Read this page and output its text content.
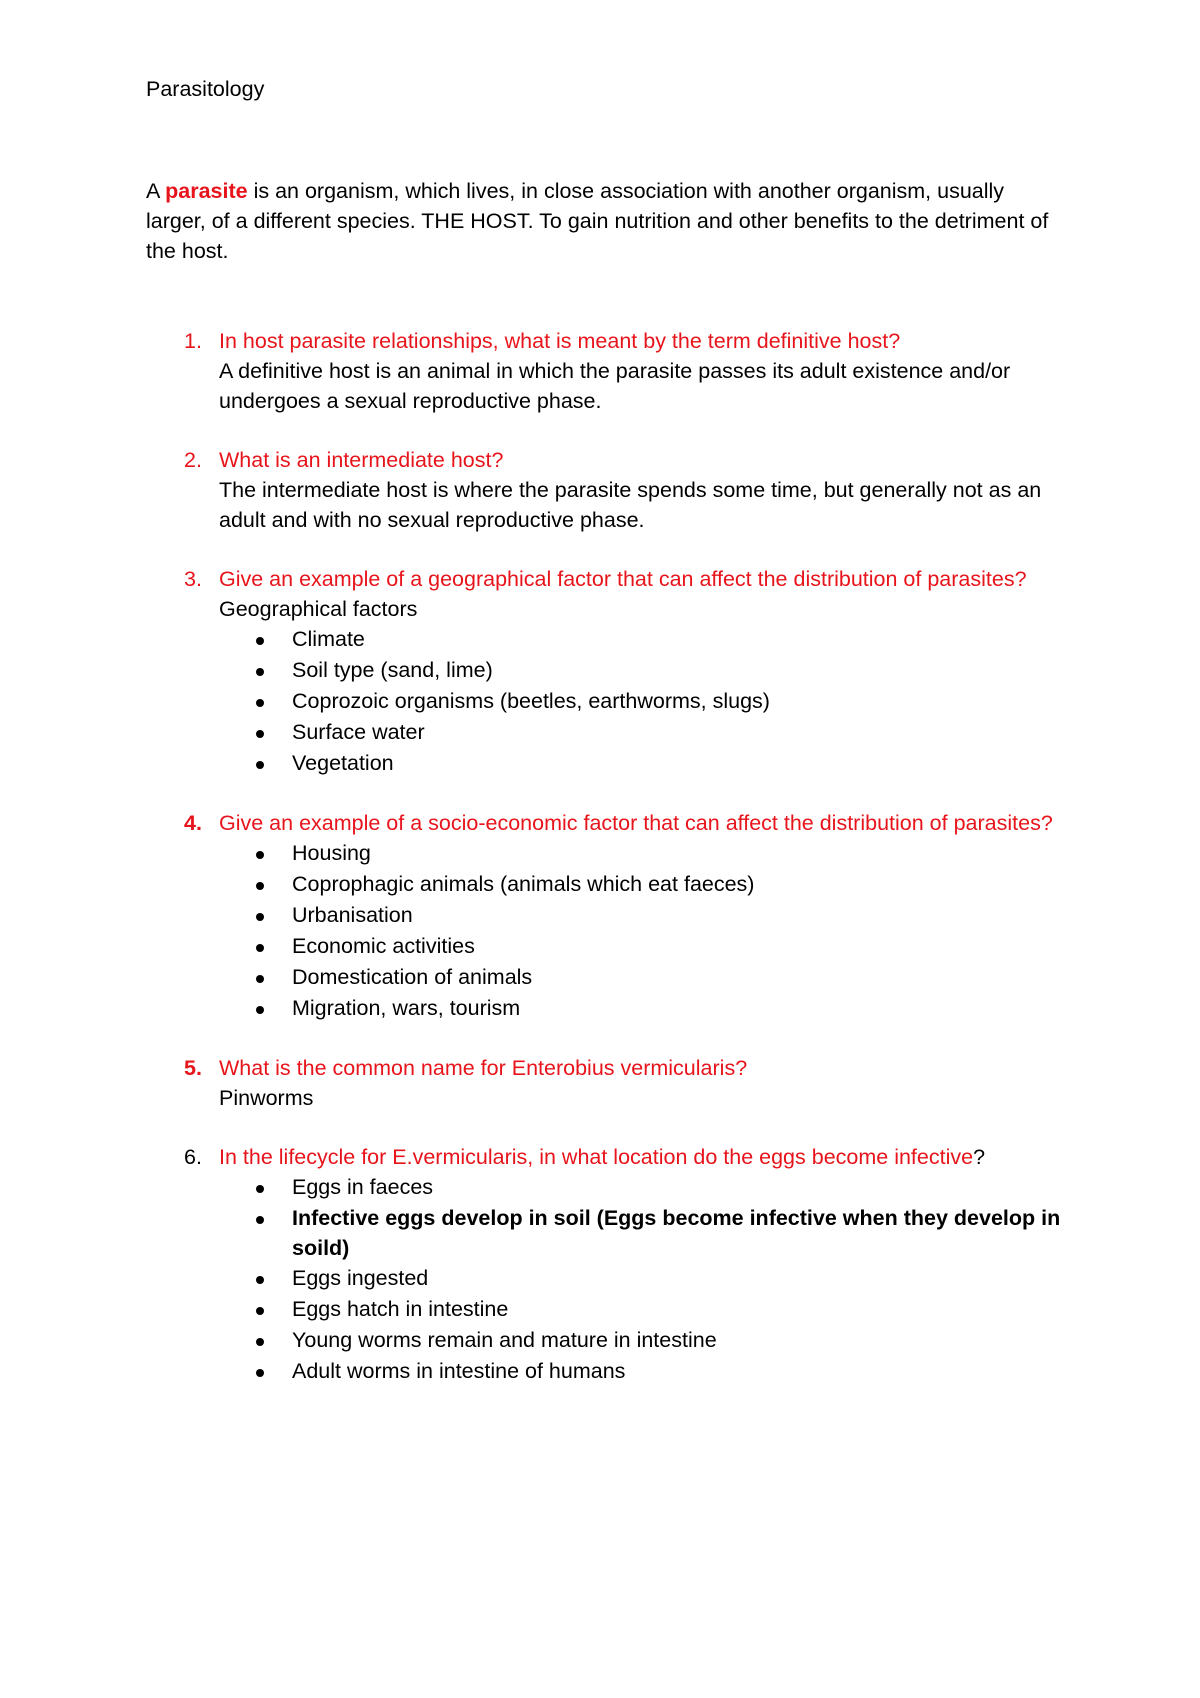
Parasitology
A parasite is an organism, which lives, in close association with another organism, usually larger, of a different species. THE HOST. To gain nutrition and other benefits to the detriment of the host.
1. In host parasite relationships, what is meant by the term definitive host?
A definitive host is an animal in which the parasite passes its adult existence and/or undergoes a sexual reproductive phase.
2. What is an intermediate host?
The intermediate host is where the parasite spends some time, but generally not as an adult and with no sexual reproductive phase.
3. Give an example of a geographical factor that can affect the distribution of parasites?
Geographical factors
Climate
Soil type (sand, lime)
Coprozoic organisms (beetles, earthworms, slugs)
Surface water
Vegetation
4. Give an example of a socio-economic factor that can affect the distribution of parasites?
Housing
Coprophagic animals (animals which eat faeces)
Urbanisation
Economic activities
Domestication of animals
Migration, wars, tourism
5. What is the common name for Enterobius vermicularis?
Pinworms
6. In the lifecycle for E.vermicularis, in what location do the eggs become infective?
Eggs in faeces
Infective eggs develop in soil (Eggs become infective when they develop in soild)
Eggs ingested
Eggs hatch in intestine
Young worms remain and mature in intestine
Adult worms in intestine of humans
